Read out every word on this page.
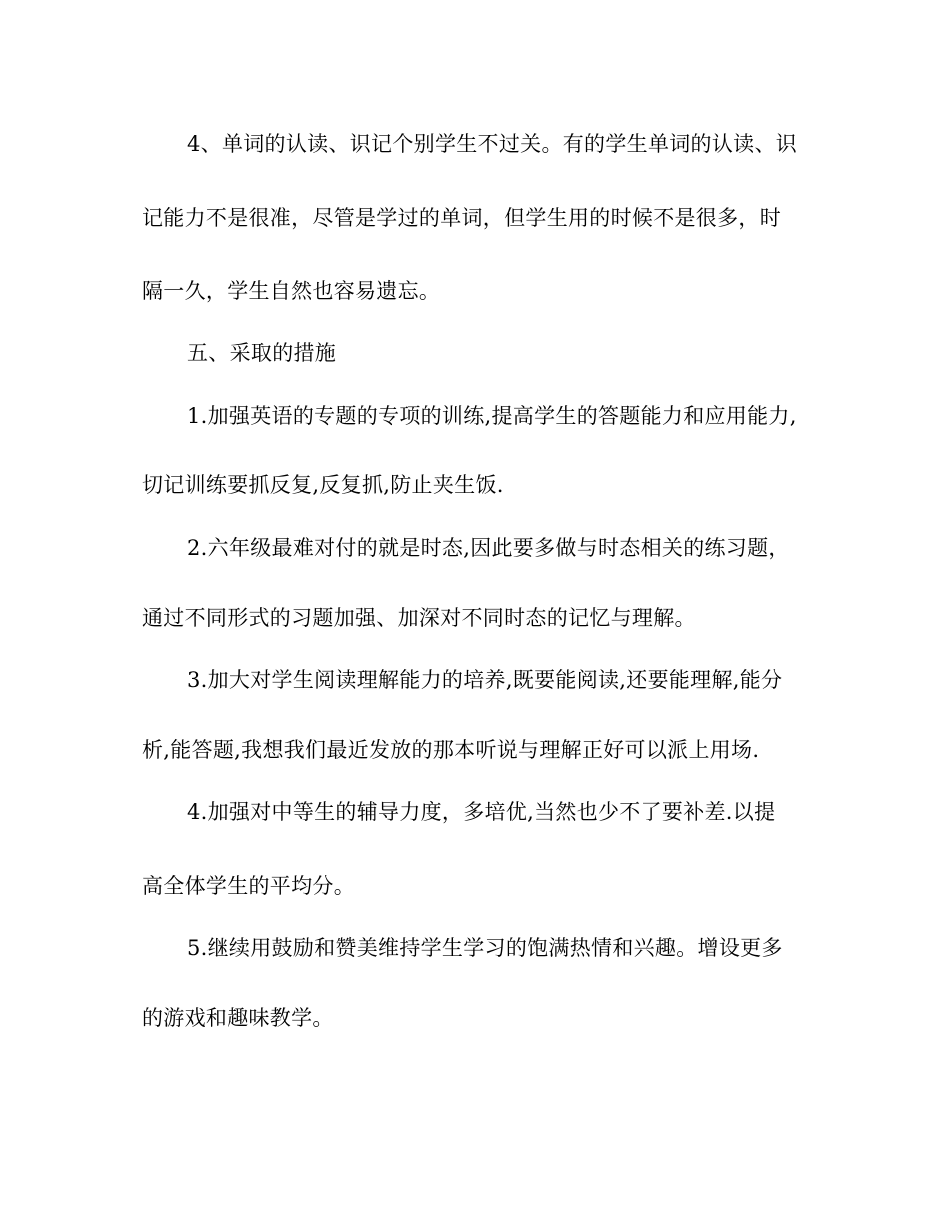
4、单词的认读、识记个别学生不过关。有的学生单词的认读、识
记能力不是很准，尽管是学过的单词，但学生用的时候不是很多，时
隔一久，学生自然也容易遗忘。
五、采取的措施
1.加强英语的专题的专项的训练,提高学生的答题能力和应用能力,
切记训练要抓反复,反复抓,防止夹生饭.
2.六年级最难对付的就是时态,因此要多做与时态相关的练习题，
通过不同形式的习题加强、加深对不同时态的记忆与理解。
3.加大对学生阅读理解能力的培养,既要能阅读,还要能理解,能分
析,能答题,我想我们最近发放的那本听说与理解正好可以派上用场.
4.加强对中等生的辅导力度，多培优,当然也少不了要补差.以提
高全体学生的平均分。
5.继续用鼓励和赞美维持学生学习的饱满热情和兴趣。增设更多
的游戏和趣味教学。
